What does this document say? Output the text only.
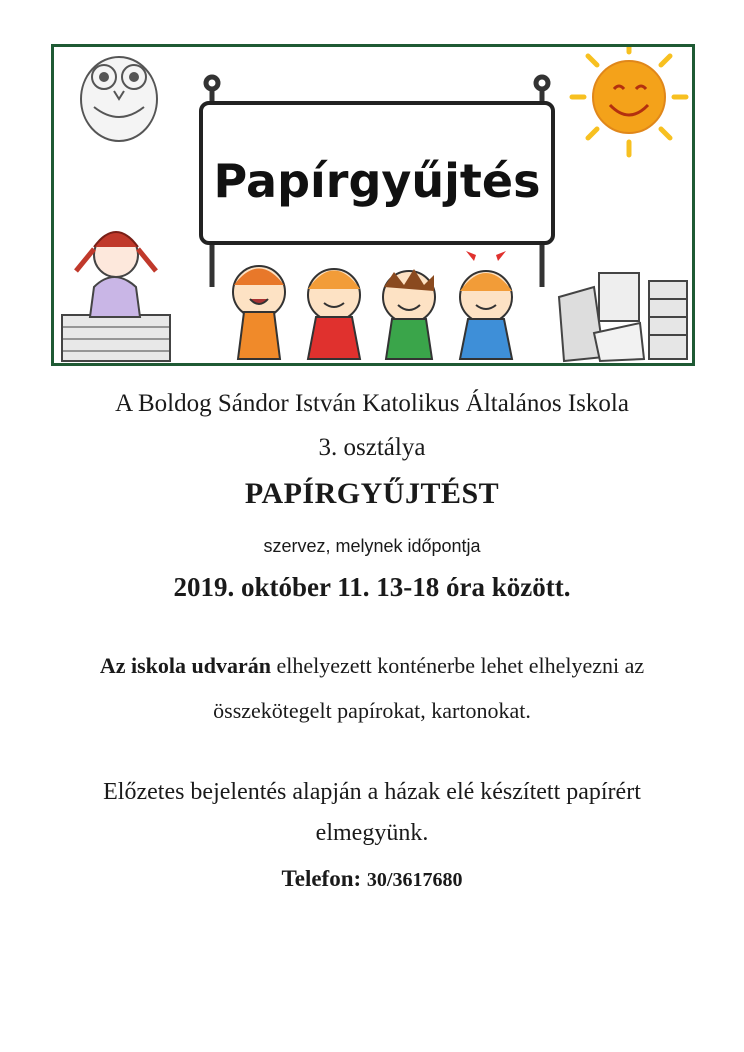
Papírgyűjtés
A Boldog Sándor István Katolikus Általános Iskola
3. osztálya
PAPÍRGYŰJTÉST
szervez, melynek időpontja
2019. október 11. 13-18 óra között.
Az iskola udvarán elhelyezett konténerbe lehet elhelyezni az
összekötegelt papírokat, kartonokat.
Előzetes bejelentés alapján a házak elé készített papírért
elmegyünk.
Telefon: 30/3617680
